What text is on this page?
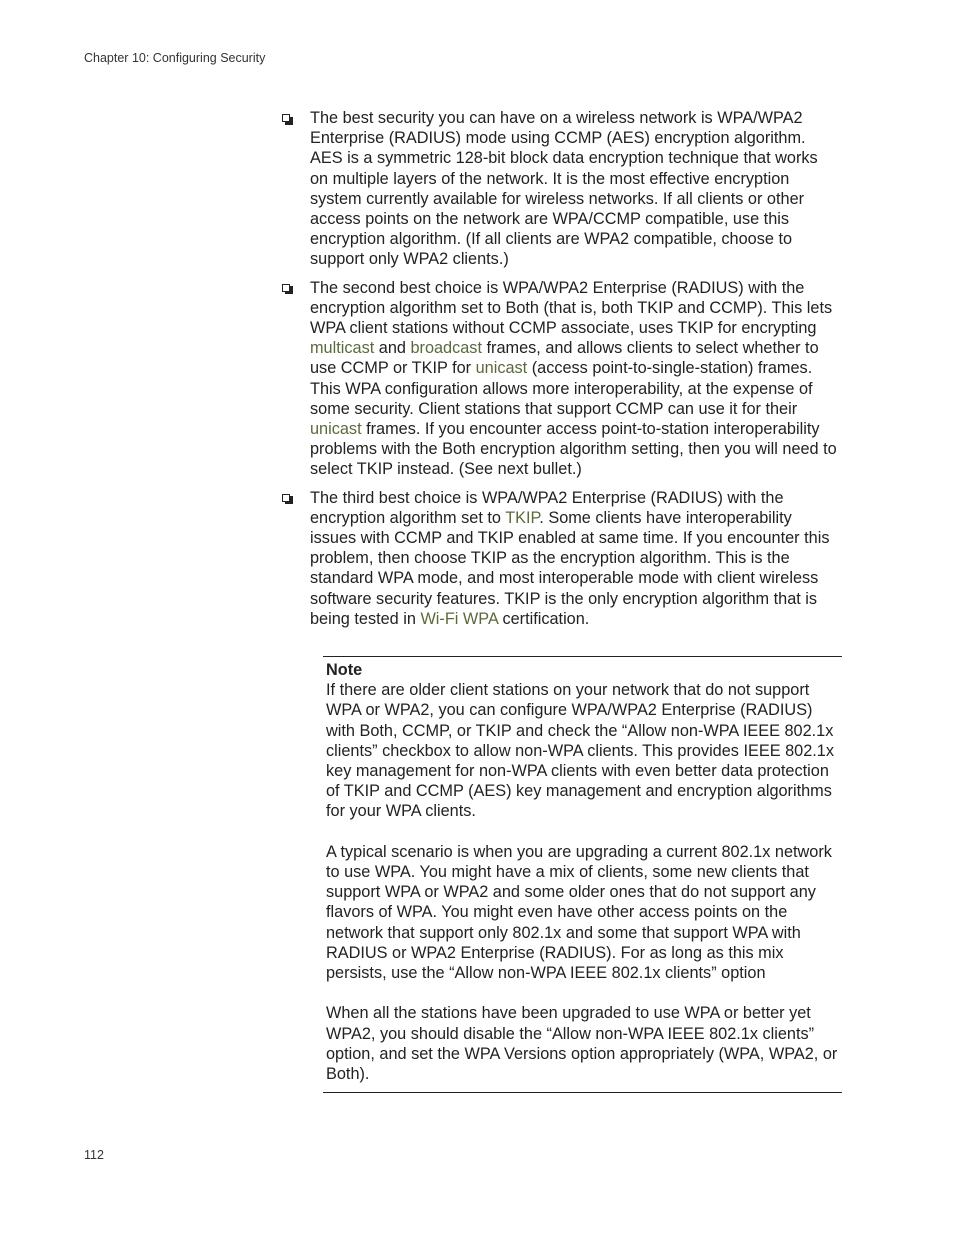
Chapter 10: Configuring Security
The best security you can have on a wireless network is WPA/WPA2 Enterprise (RADIUS) mode using CCMP (AES) encryption algorithm. AES is a symmetric 128-bit block data encryption technique that works on multiple layers of the network. It is the most effective encryption system currently available for wireless networks. If all clients or other access points on the network are WPA/CCMP compatible, use this encryption algorithm. (If all clients are WPA2 compatible, choose to support only WPA2 clients.)
The second best choice is WPA/WPA2 Enterprise (RADIUS) with the encryption algorithm set to Both (that is, both TKIP and CCMP). This lets WPA client stations without CCMP associate, uses TKIP for encrypting multicast and broadcast frames, and allows clients to select whether to use CCMP or TKIP for unicast (access point-to-single-station) frames. This WPA configuration allows more interoperability, at the expense of some security. Client stations that support CCMP can use it for their unicast frames. If you encounter access point-to-station interoperability problems with the Both encryption algorithm setting, then you will need to select TKIP instead. (See next bullet.)
The third best choice is WPA/WPA2 Enterprise (RADIUS) with the encryption algorithm set to TKIP. Some clients have interoperability issues with CCMP and TKIP enabled at same time. If you encounter this problem, then choose TKIP as the encryption algorithm. This is the standard WPA mode, and most interoperable mode with client wireless software security features. TKIP is the only encryption algorithm that is being tested in Wi-Fi WPA certification.
Note

If there are older client stations on your network that do not support WPA or WPA2, you can configure WPA/WPA2 Enterprise (RADIUS) with Both, CCMP, or TKIP and check the “Allow non-WPA IEEE 802.1x clients” checkbox to allow non-WPA clients. This provides IEEE 802.1x key management for non-WPA clients with even better data protection of TKIP and CCMP (AES) key management and encryption algorithms for your WPA clients.

A typical scenario is when you are upgrading a current 802.1x network to use WPA. You might have a mix of clients, some new clients that support WPA or WPA2 and some older ones that do not support any flavors of WPA. You might even have other access points on the network that support only 802.1x and some that support WPA with RADIUS or WPA2 Enterprise (RADIUS). For as long as this mix persists, use the “Allow non-WPA IEEE 802.1x clients” option

When all the stations have been upgraded to use WPA or better yet WPA2, you should disable the “Allow non-WPA IEEE 802.1x clients” option, and set the WPA Versions option appropriately (WPA, WPA2, or Both).

112
